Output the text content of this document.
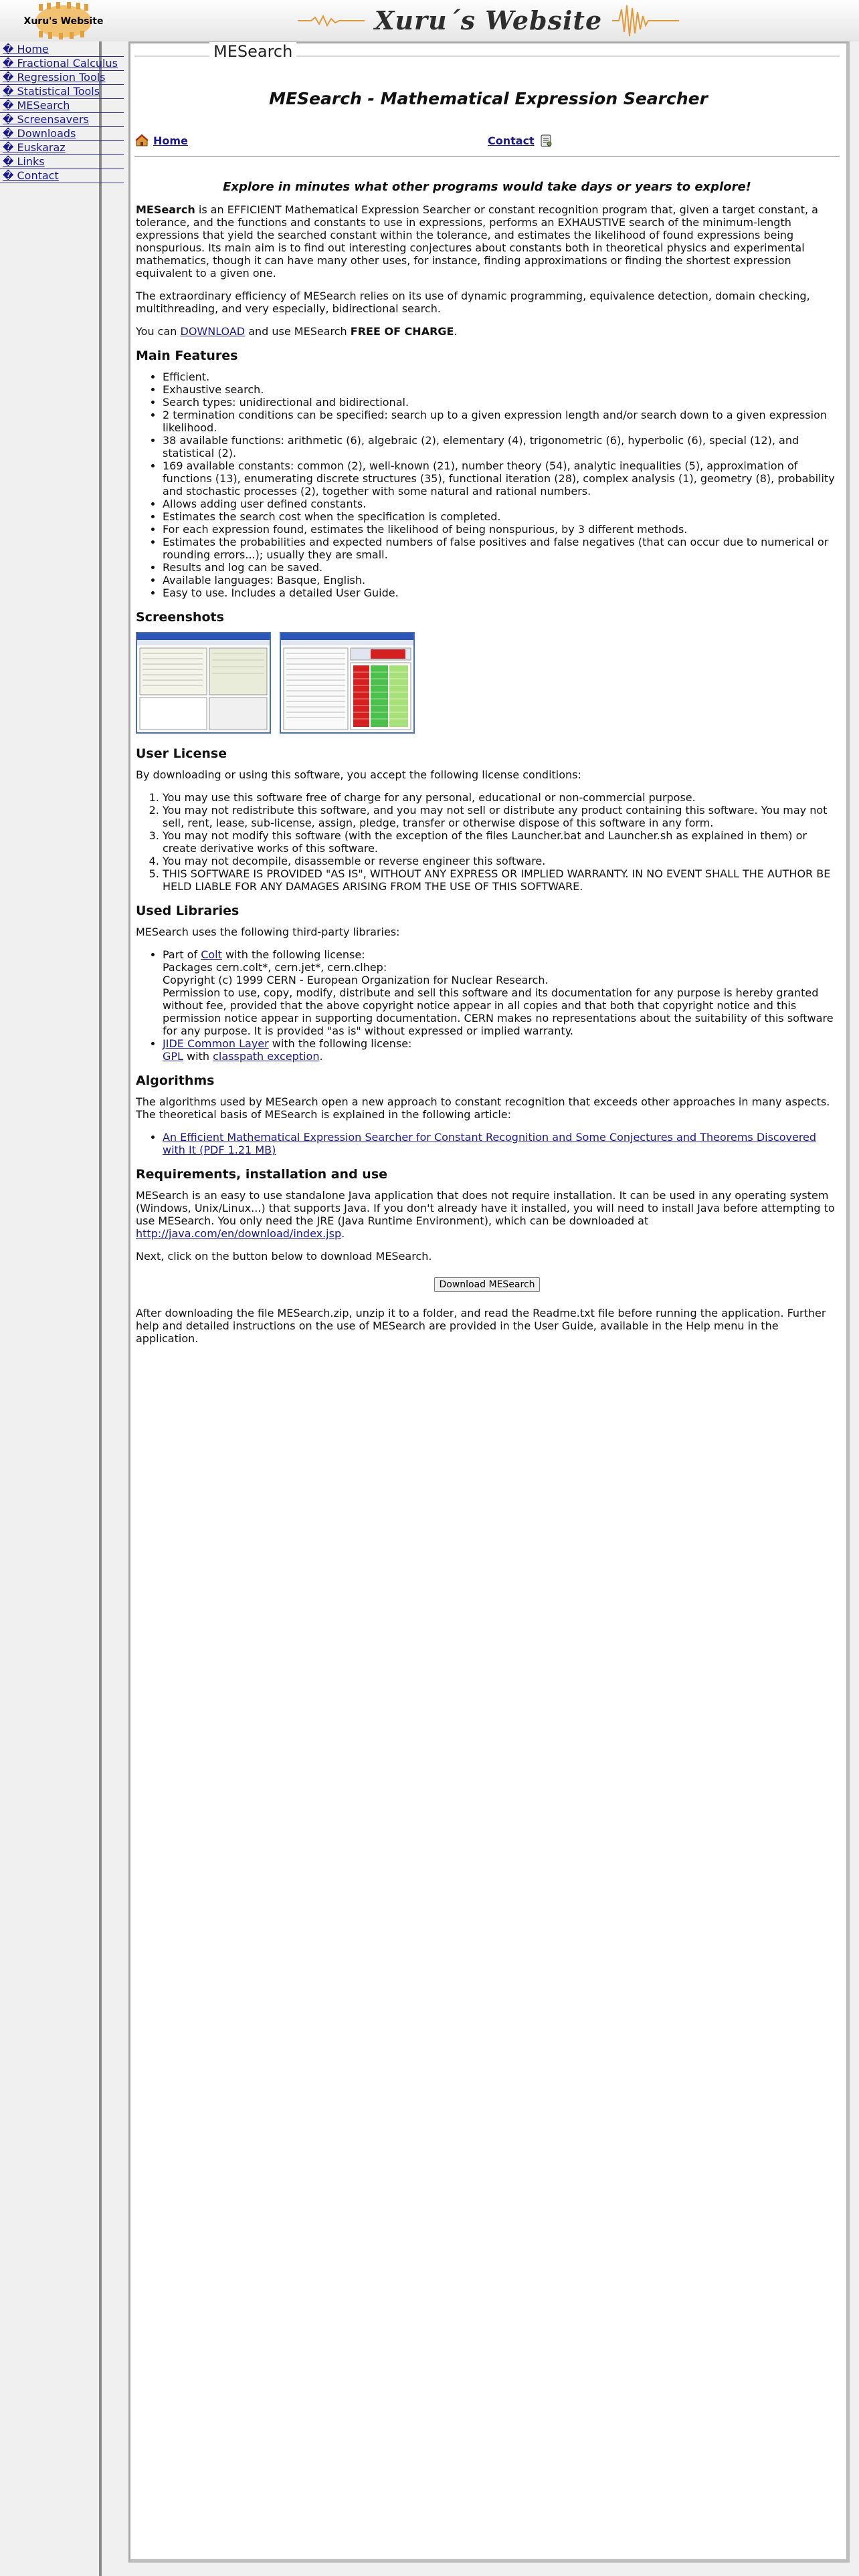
Xuru's Website	Xuru´s Website
� Home
� Fractional Calculus
� Regression Tools
� Statistical Tools
� MESearch
� Screensavers
� Downloads
� Euskaraz
� Links
� Contact
MESearch
MESearch - Mathematical Expression Searcher
Home	Contact

Explore in minutes what other programs would take days or years to explore!

MESearch is an EFFICIENT Mathematical Expression Searcher or constant recognition program that, given a target constant, a tolerance, and the functions and constants to use in expressions, performs an EXHAUSTIVE search of the minimum-length expressions that yield the searched constant within the tolerance, and estimates the likelihood of found expressions being nonspurious. Its main aim is to find out interesting conjectures about constants both in theoretical physics and experimental mathematics, though it can have many other uses, for instance, finding approximations or finding the shortest expression equivalent to a given one.

The extraordinary efficiency of MESearch relies on its use of dynamic programming, equivalence detection, domain checking, multithreading, and very especially, bidirectional search.

You can DOWNLOAD and use MESearch FREE OF CHARGE.

Main Features
• Efficient.
• Exhaustive search.
• Search types: unidirectional and bidirectional.
• 2 termination conditions can be specified: search up to a given expression length and/or search down to a given expression likelihood.
• 38 available functions: arithmetic (6), algebraic (2), elementary (4), trigonometric (6), hyperbolic (6), special (12), and statistical (2).
• 169 available constants: common (2), well-known (21), number theory (54), analytic inequalities (5), approximation of functions (13), enumerating discrete structures (35), functional iteration (28), complex analysis (1), geometry (8), probability and stochastic processes (2), together with some natural and rational numbers.
• Allows adding user defined constants.
• Estimates the search cost when the specification is completed.
• For each expression found, estimates the likelihood of being nonspurious, by 3 different methods.
• Estimates the probabilities and expected numbers of false positives and false negatives (that can occur due to numerical or rounding errors...); usually they are small.
• Results and log can be saved.
• Available languages: Basque, English.
• Easy to use. Includes a detailed User Guide.
Screenshots
User License

By downloading or using this software, you accept the following license conditions:

1. You may use this software free of charge for any personal, educational or non-commercial purpose.
2. You may not redistribute this software, and you may not sell or distribute any product containing this software. You may not sell, rent, lease, sub-license, assign, pledge, transfer or otherwise dispose of this software in any form.
3. You may not modify this software (with the exception of the files Launcher.bat and Launcher.sh as explained in them) or create derivative works of this software.
4. You may not decompile, disassemble or reverse engineer this software.
5. THIS SOFTWARE IS PROVIDED "AS IS", WITHOUT ANY EXPRESS OR IMPLIED WARRANTY. IN NO EVENT SHALL THE AUTHOR BE HELD LIABLE FOR ANY DAMAGES ARISING FROM THE USE OF THIS SOFTWARE.
Used Libraries

MESearch uses the following third-party libraries:

• Part of Colt with the following license:
Packages cern.colt*, cern.jet*, cern.clhep:
Copyright (c) 1999 CERN - European Organization for Nuclear Research.
Permission to use, copy, modify, distribute and sell this software and its documentation for any purpose is hereby granted without fee, provided that the above copyright notice appear in all copies and that both that copyright notice and this permission notice appear in supporting documentation. CERN makes no representations about the suitability of this software for any purpose. It is provided "as is" without expressed or implied warranty.
• JIDE Common Layer with the following license:
GPL with classpath exception.
Algorithms

The algorithms used by MESearch open a new approach to constant recognition that exceeds other approaches in many aspects. The theoretical basis of MESearch is explained in the following article:

• An Efficient Mathematical Expression Searcher for Constant Recognition and Some Conjectures and Theorems Discovered with It (PDF 1.21 MB)
Requirements, installation and use

MESearch is an easy to use standalone Java application that does not require installation. It can be used in any operating system (Windows, Unix/Linux...) that supports Java. If you don't already have it installed, you will need to install Java before attempting to use MESearch. You only need the JRE (Java Runtime Environment), which can be downloaded at http://java.com/en/download/index.jsp.

Next, click on the button below to download MESearch.

Download MESearch

After downloading the file MESearch.zip, unzip it to a folder, and read the Readme.txt file before running the application. Further help and detailed instructions on the use of MESearch are provided in the User Guide, available in the Help menu in the application.
